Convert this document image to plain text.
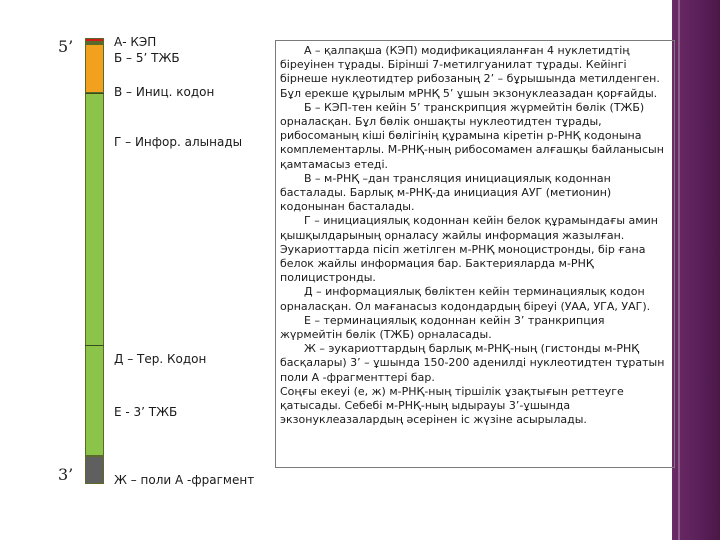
5’
3’
А- КЭП
Б – 5’ ТЖБ
В – Иниц. кодон
Г – Инфор. алынады
Д – Тер. Кодон
Е - 3’ ТЖБ
Ж – поли А -фрагмент

А – қалпақша (КЭП) модификацияланған 4 нуклетидтің біреуінен тұрады. Бірінші 7-метилгуанилат тұрады. Кейінгі бірнеше нуклеотидтер рибозаның 2’ – бұрышында метилденген. Бұл ерекше құрылым мРНҚ 5’ ұшын экзонуклеазадан қорғайды.

Б – КЭП-тен кейін 5’ транскрипция жүрмейтін бөлік (ТЖБ) орналасқан. Бұл бөлік оншақты нуклеотидтен тұрады, рибосоманың кіші бөлігінің құрамына кіретін р-РНҚ кодонына комплементарлы. М-РНҚ-ның рибосомамен алғашқы байланысын қамтамасыз етеді.

В – м-РНҚ –дан трансляция инициациялық кодоннан басталады. Барлық м-РНҚ-да инициация АУГ (метионин) кодонынан басталады.

Г – инициациялық кодоннан кейін белок құрамындағы амин қышқылдарының орналасу жайлы информация жазылған. Эукариоттарда пісіп жетілген м-РНҚ моноцистронды, бір ғана белок жайлы информация бар. Бактерияларда м-РНҚ полицистронды.

Д – информациялық бөліктен кейін терминациялық кодон орналасқан. Ол мағанасыз кодондардың біреуі (УАА, УГА, УАГ).

Е – терминациялық кодоннан кейін 3’ транкрипция жүрмейтін бөлік (ТЖБ) орналасады.

Ж – эукариоттардың барлық м-РНҚ-ның (гистонды м-РНҚ басқалары) 3’ – ұшында 150-200 аденилді нуклеотидтен тұратын поли А -фрагменттері бар.

Соңғы екеуі (е, ж) м-РНҚ-ның тіршілік ұзақтығын реттеуге қатысады. Себебі м-РНҚ-ның ыдырауы 3’-ұшында экзонуклеазалардың әсерінен іс жүзіне асырылады.
